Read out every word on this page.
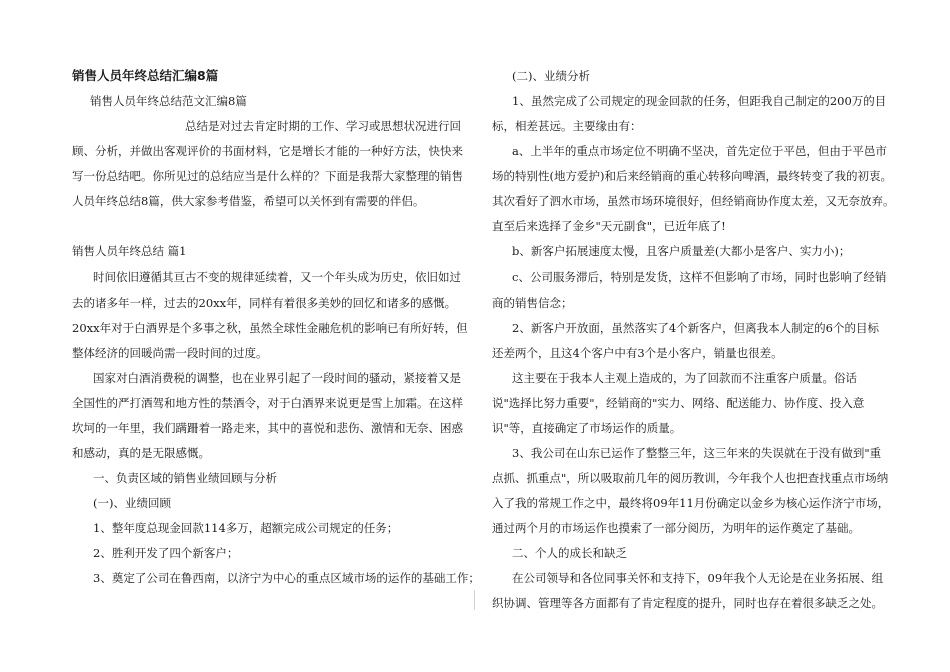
销售人员年终总结汇编8篇

销售人员年终总结范文汇编8篇

总结是对过去肯定时期的工作、学习或思想状况进行回

顾、分析，并做出客观评价的书面材料，它是增长才能的一种好方法，快快来

写一份总结吧。你所见过的总结应当是什么样的？下面是我帮大家整理的销售

人员年终总结8篇，供大家参考借鉴，希望可以关怀到有需要的伴侣。

销售人员年终总结 篇1

时间依旧遵循其亘古不变的规律延续着，又一个年头成为历史，依旧如过

去的诸多年一样，过去的20xx年，同样有着很多美妙的回忆和诸多的感慨。

20xx年对于白酒界是个多事之秋，虽然全球性金融危机的影响已有所好转，但

整体经济的回暖尚需一段时间的过度。

国家对白酒消费税的调整，也在业界引起了一段时间的骚动，紧接着又是

全国性的严打酒驾和地方性的禁酒令，对于白酒界来说更是雪上加霜。在这样

坎坷的一年里，我们蹒跚着一路走来，其中的喜悦和悲伤、激情和无奈、困惑

和感动，真的是无限感慨。

一、负责区域的销售业绩回顾与分析

(一)、业绩回顾

1、整年度总现金回款114多万，超额完成公司规定的任务；

2、胜利开发了四个新客户；

3、奠定了公司在鲁西南，以济宁为中心的重点区域市场的运作的基础工作；

(二)、业绩分析

1、虽然完成了公司规定的现金回款的任务，但距我自己制定的200万的目

标，相差甚远。主要缘由有：

a、上半年的重点市场定位不明确不坚决，首先定位于平邑，但由于平邑市

场的特别性(地方爱护)和后来经销商的重心转移向啤酒，最终转变了我的初衷。

其次看好了泗水市场，虽然市场环境很好，但经销商协作度太差，又无奈放弃。

直至后来选择了金乡"天元副食"，已近年底了!

b、新客户拓展速度太慢，且客户质量差(大都小是客户、实力小)；

c、公司服务滞后，特别是发货，这样不但影响了市场，同时也影响了经销

商的销售信念；

2、新客户开放面，虽然落实了4个新客户，但离我本人制定的6个的目标

还差两个，且这4个客户中有3个是小客户，销量也很差。

这主要在于我本人主观上造成的，为了回款而不注重客户质量。俗话

说"选择比努力重要"，经销商的"实力、网络、配送能力、协作度、投入意

识"等，直接确定了市场运作的质量。

3、我公司在山东已运作了整整三年，这三年来的失误就在于没有做到"重

点抓、抓重点"，所以吸取前几年的阅历教训，今年我个人也把查找重点市场纳

入了我的常规工作之中，最终将09年11月份确定以金乡为核心运作济宁市场，

通过两个月的市场运作也摸索了一部分阅历，为明年的运作奠定了基础。

二、个人的成长和缺乏

在公司领导和各位同事关怀和支持下，09年我个人无论是在业务拓展、组

织协调、管理等各方面都有了肯定程度的提升，同时也存在着很多缺乏之处。
